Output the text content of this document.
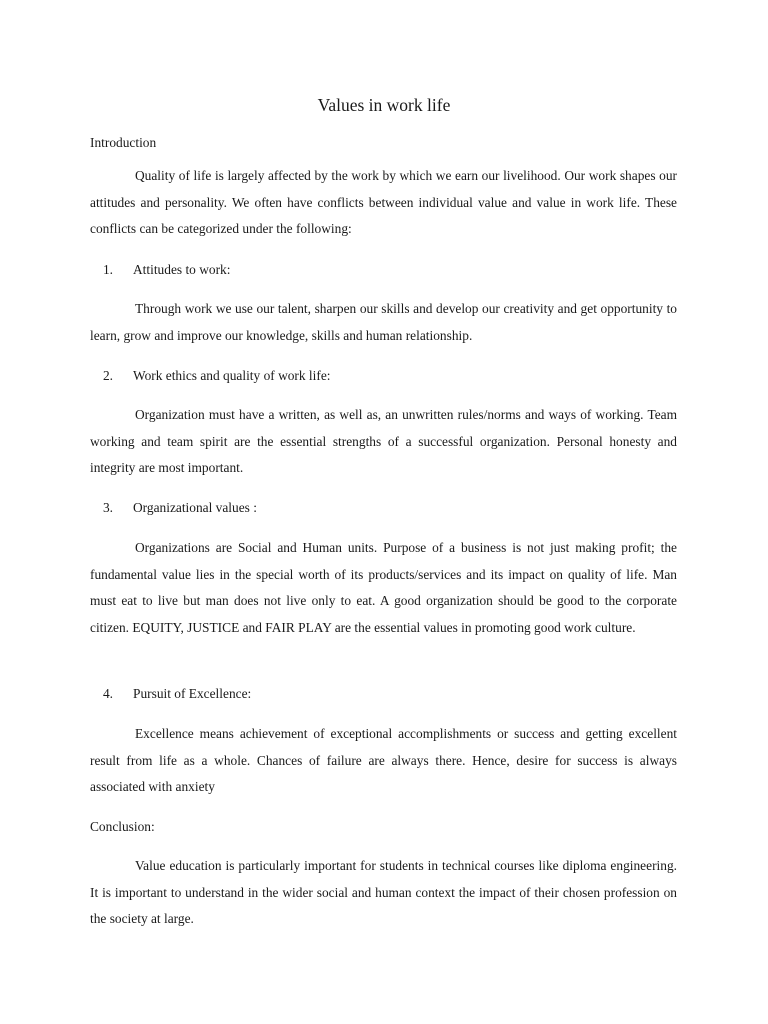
Values in work life

Introduction

Quality of life is largely affected by the work by which we earn our livelihood. Our work shapes our attitudes and personality. We often have conflicts between individual value and value in work life. These conflicts can be categorized under the following:

1. Attitudes to work:

Through work we use our talent, sharpen our skills and develop our creativity and get opportunity to learn, grow and improve our knowledge, skills and human relationship.

2. Work ethics and quality of work life:

Organization must have a written, as well as, an unwritten rules/norms and ways of working. Team working and team spirit are the essential strengths of a successful organization. Personal honesty and integrity are most important.

3. Organizational values :

Organizations are Social and Human units. Purpose of a business is not just making profit; the fundamental value lies in the special worth of its products/services and its impact on quality of life. Man must eat to live but man does not live only to eat. A good organization should be good to the corporate citizen. EQUITY, JUSTICE and FAIR PLAY are the essential values in promoting good work culture.

4. Pursuit of Excellence:

Excellence means achievement of exceptional accomplishments or success and getting excellent result from life as a whole. Chances of failure are always there. Hence, desire for success is always associated with anxiety

Conclusion:

Value education is particularly important for students in technical courses like diploma engineering. It is important to understand in the wider social and human context the impact of their chosen profession on the society at large.
